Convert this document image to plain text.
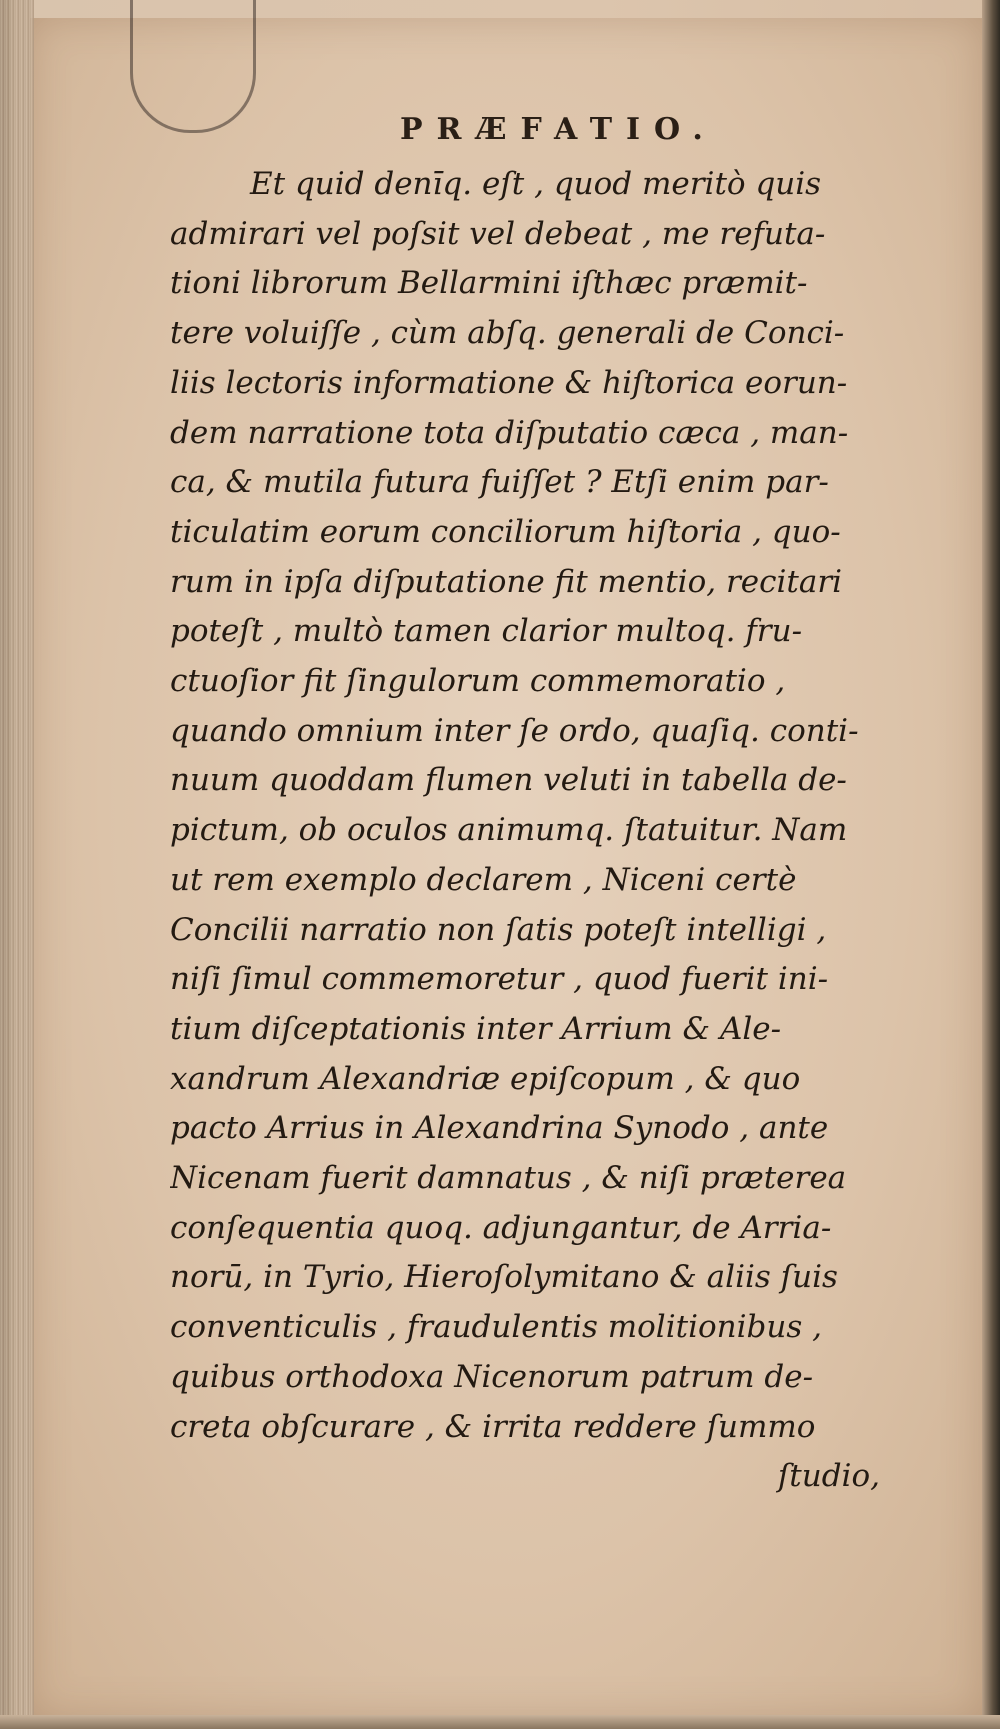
PRÆFATIO.
Et quid denīq. eſt , quod meritò quis
admirari vel poſsit vel debeat , me refuta-
tioni librorum Bellarmini iſthæc præmit-
tere voluiſſe , cùm abſq. generali de Conci-
liis lectoris informatione & hiſtorica eorun-
dem narratione tota diſputatio cæca , man-
ca, & mutila futura fuiſſet ? Etſi enim par-
ticulatim eorum conciliorum hiſtoria , quo-
rum in ipſa diſputatione fit mentio, recitari
poteſt , multò tamen clarior multoq. fru-
ctuoſior fit ſingulorum commemoratio ,
quando omnium inter ſe ordo, quaſiq. conti-
nuum quoddam flumen veluti in tabella de-
pictum, ob oculos animumq. ſtatuitur. Nam
ut rem exemplo declarem , Niceni certè
Concilii narratio non ſatis poteſt intelligi ,
niſi ſimul commemoretur , quod fuerit ini-
tium diſceptationis inter Arrium & Ale-
xandrum Alexandriæ epiſcopum , & quo
pacto Arrius in Alexandrina Synodo , ante
Nicenam fuerit damnatus , & niſi præterea
conſequentia quoq. adjungantur, de Arria-
norū, in Tyrio, Hieroſolymitano & aliis ſuis
conventiculis , fraudulentis molitionibus ,
quibus orthodoxa Nicenorum patrum de-
creta obſcurare , & irrita reddere ſummo
ſtudio,
